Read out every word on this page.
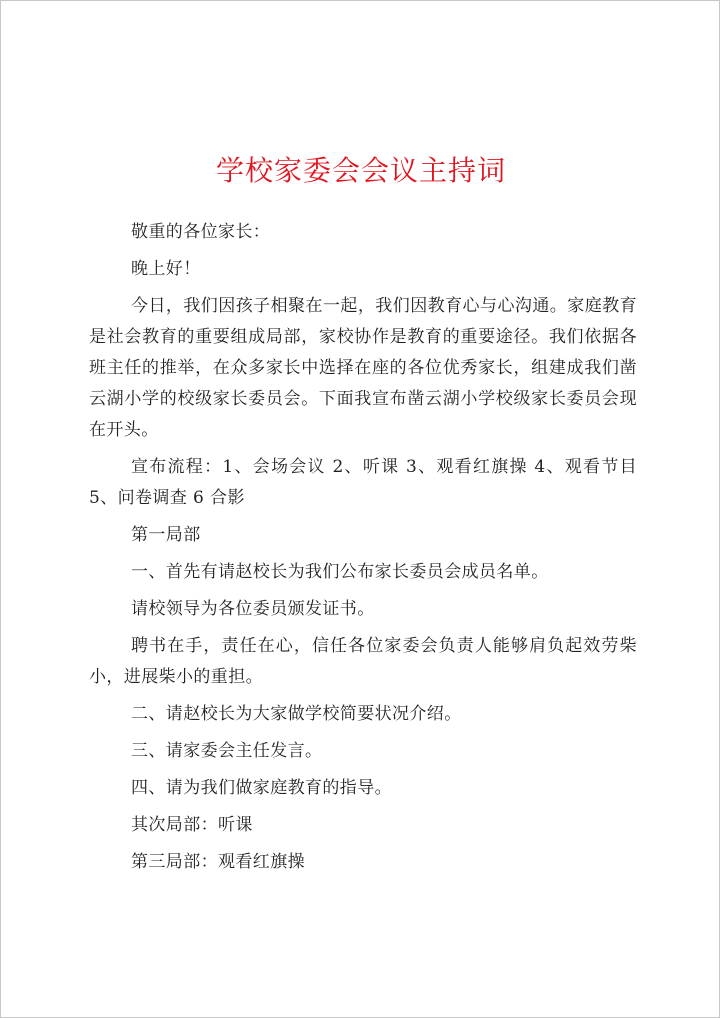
学校家委会会议主持词

敬重的各位家长：

晚上好！

今日，我们因孩子相聚在一起，我们因教育心与心沟通。家庭教育是社会教育的重要组成局部，家校协作是教育的重要途径。我们依据各班主任的推举，在众多家长中选择在座的各位优秀家长，组建成我们凿云湖小学的校级家长委员会。下面我宣布凿云湖小学校级家长委员会现在开头。

宣布流程：1、会场会议 2、听课 3、观看红旗操 4、观看节目 5、问卷调查 6 合影

第一局部

一、首先有请赵校长为我们公布家长委员会成员名单。

请校领导为各位委员颁发证书。

聘书在手，责任在心，信任各位家委会负责人能够肩负起效劳柴小，进展柴小的重担。

二、请赵校长为大家做学校简要状况介绍。

三、请家委会主任发言。

四、请为我们做家庭教育的指导。

其次局部：听课

第三局部：观看红旗操
